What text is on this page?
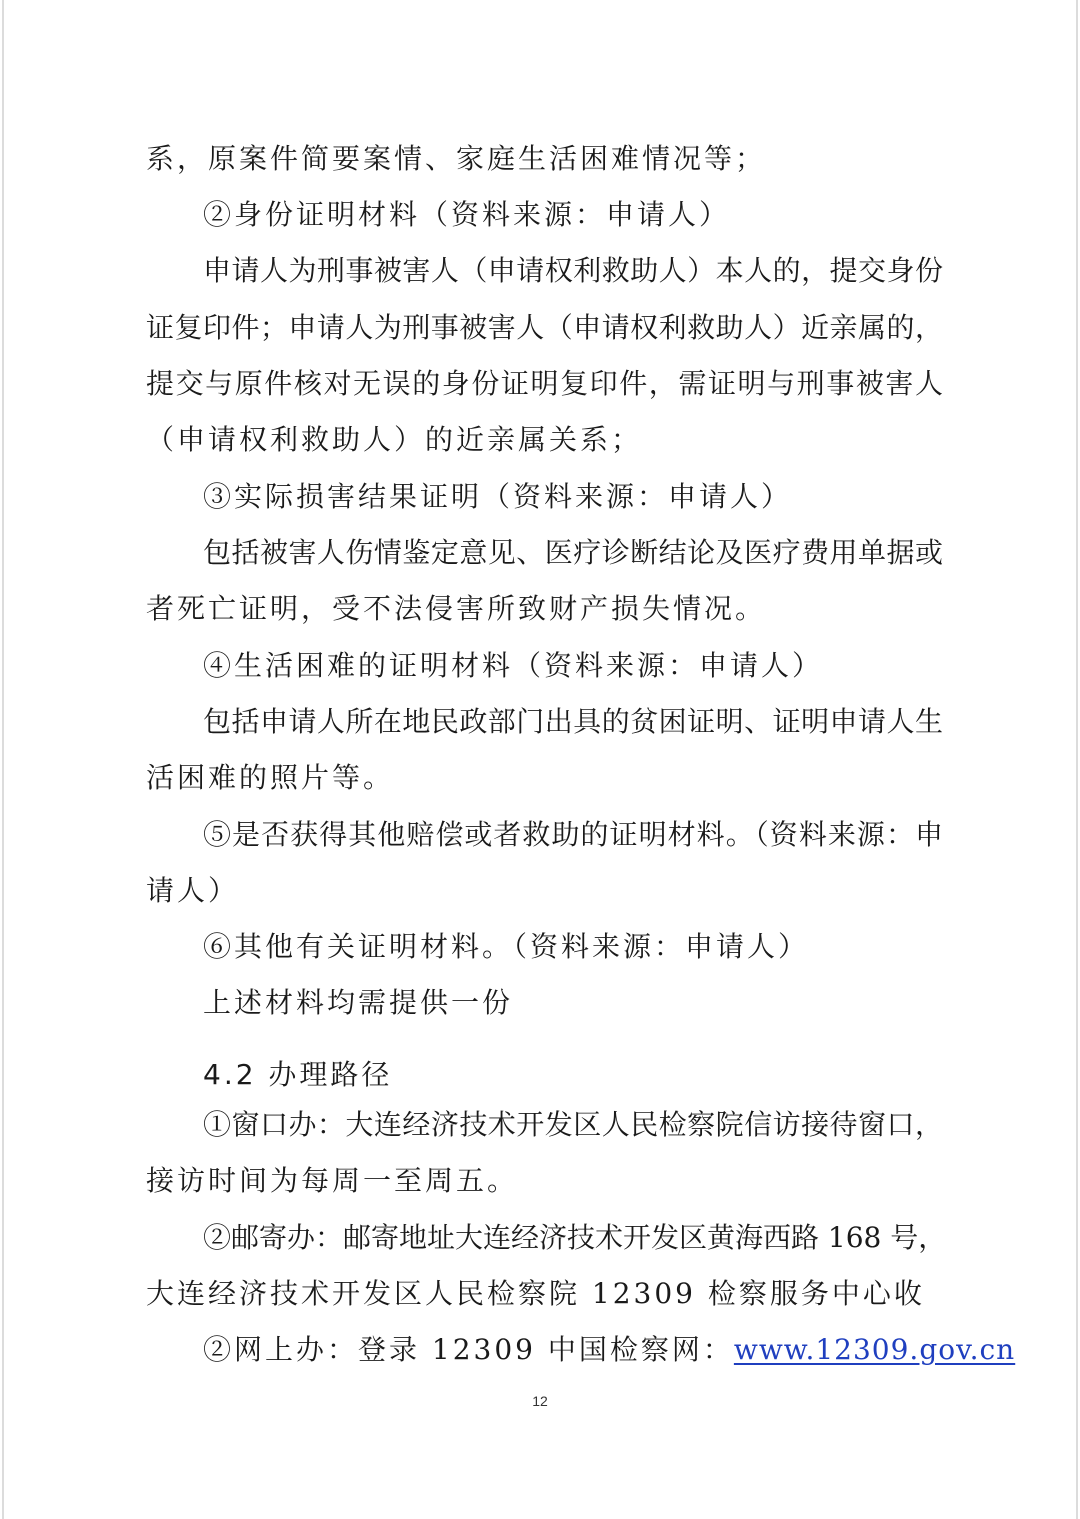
系，原案件简要案情、家庭生活困难情况等；
②身份证明材料（资料来源：申请人）
申请人为刑事被害人（申请权利救助人）本人的，提交身份
证复印件；申请人为刑事被害人（申请权利救助人）近亲属的，
提交与原件核对无误的身份证明复印件，需证明与刑事被害人
（申请权利救助人）的近亲属关系；
③实际损害结果证明（资料来源：申请人）
包括被害人伤情鉴定意见、医疗诊断结论及医疗费用单据或
者死亡证明，受不法侵害所致财产损失情况。
④生活困难的证明材料（资料来源：申请人）
包括申请人所在地民政部门出具的贫困证明、证明申请人生
活困难的照片等。
⑤是否获得其他赔偿或者救助的证明材料。（资料来源：申
请人）
⑥其他有关证明材料。（资料来源：申请人）
上述材料均需提供一份
4.2 办理路径
①窗口办：大连经济技术开发区人民检察院信访接待窗口，
接访时间为每周一至周五。
②邮寄办：邮寄地址大连经济技术开发区黄海西路 168 号，
大连经济技术开发区人民检察院 12309 检察服务中心收
②网上办：登录 12309 中国检察网：www.12309.gov.cn
12
